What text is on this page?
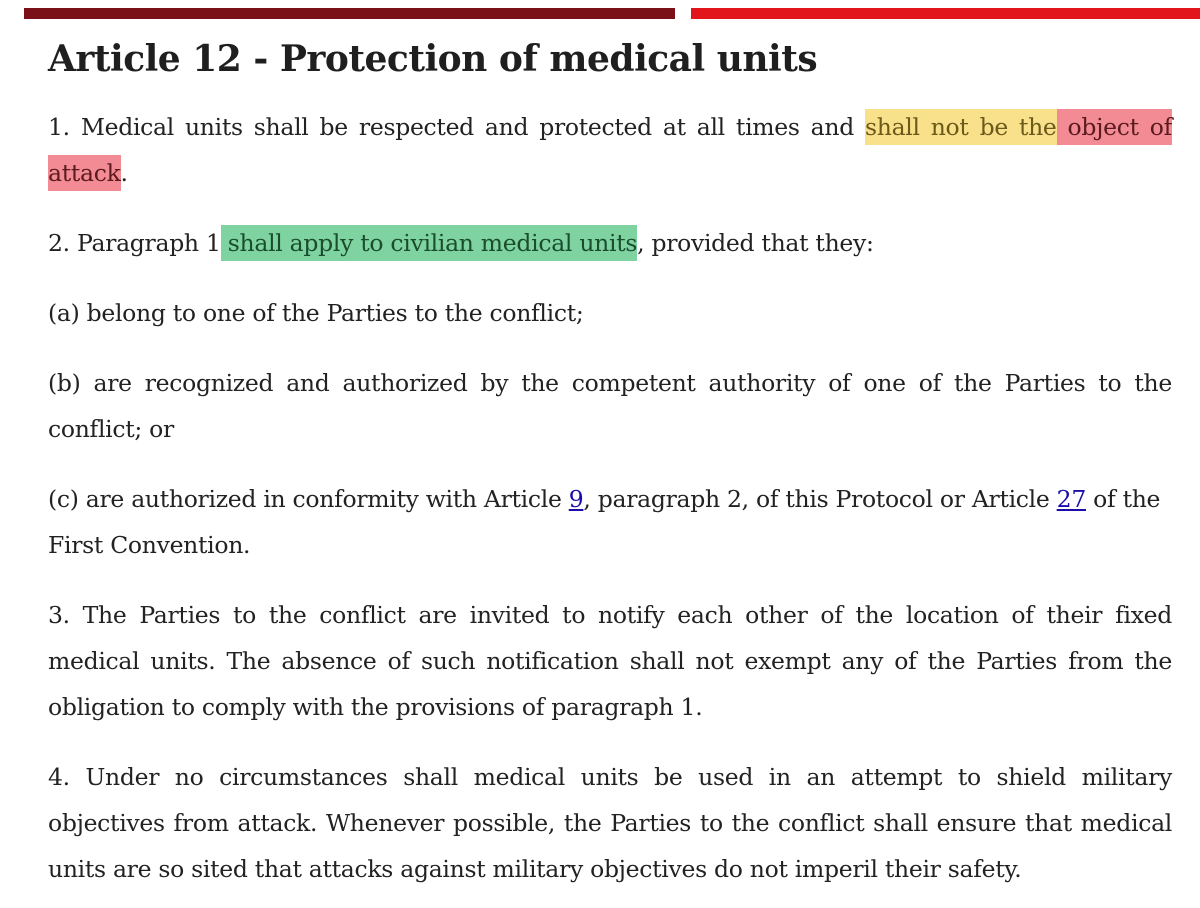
Article 12 - Protection of medical units

1. Medical units shall be respected and protected at all times and shall not be the object of attack.

2. Paragraph 1 shall apply to civilian medical units, provided that they:

(a) belong to one of the Parties to the conflict;

(b) are recognized and authorized by the competent authority of one of the Parties to the conflict; or

(c) are authorized in conformity with Article 9, paragraph 2, of this Protocol or Article 27 of the First Convention.

3. The Parties to the conflict are invited to notify each other of the location of their fixed medical units. The absence of such notification shall not exempt any of the Parties from the obligation to comply with the provisions of paragraph 1.

4. Under no circumstances shall medical units be used in an attempt to shield military objectives from attack. Whenever possible, the Parties to the conflict shall ensure that medical units are so sited that attacks against military objectives do not imperil their safety.
